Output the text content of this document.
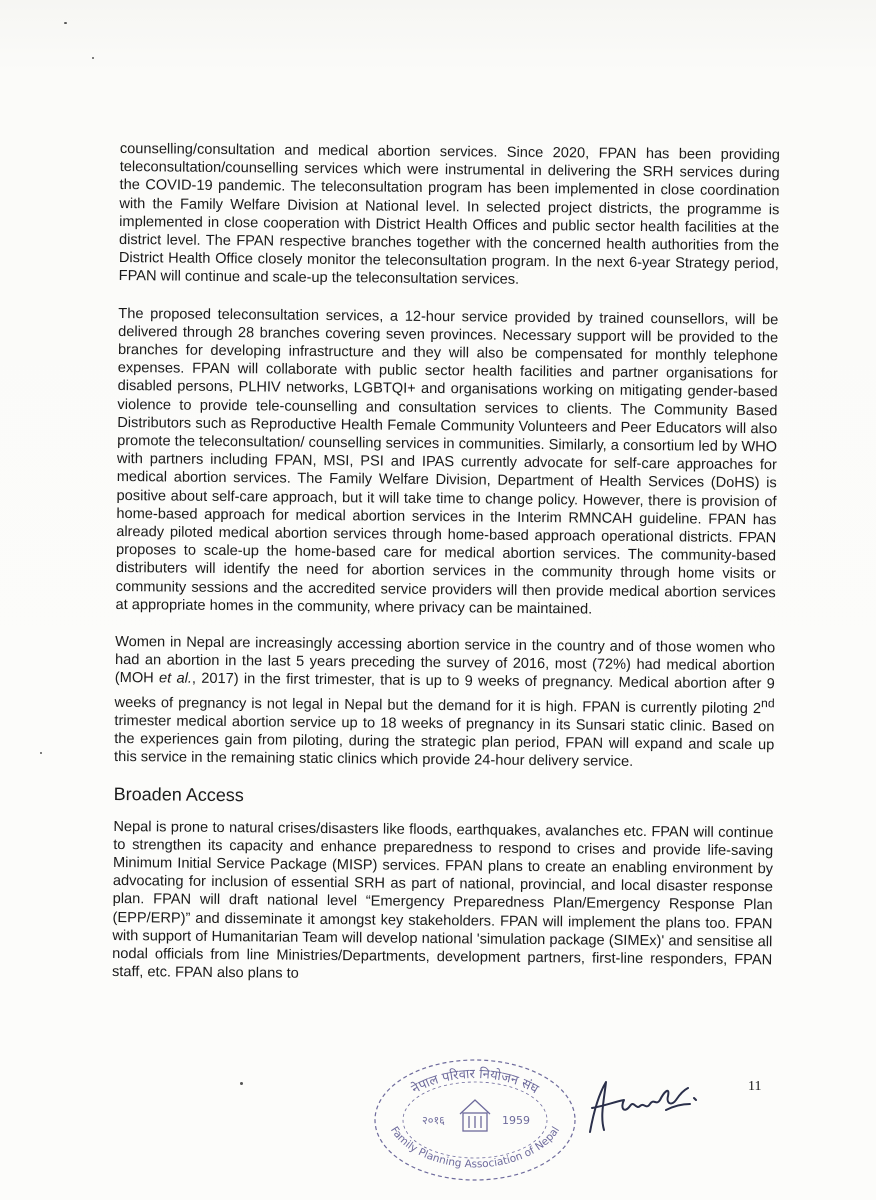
counselling/consultation and medical abortion services. Since 2020, FPAN has been providing teleconsultation/counselling services which were instrumental in delivering the SRH services during the COVID-19 pandemic. The teleconsultation program has been implemented in close coordination with the Family Welfare Division at National level. In selected project districts, the programme is implemented in close cooperation with District Health Offices and public sector health facilities at the district level. The FPAN respective branches together with the concerned health authorities from the District Health Office closely monitor the teleconsultation program. In the next 6-year Strategy period, FPAN will continue and scale-up the teleconsultation services.

The proposed teleconsultation services, a 12-hour service provided by trained counsellors, will be delivered through 28 branches covering seven provinces. Necessary support will be provided to the branches for developing infrastructure and they will also be compensated for monthly telephone expenses. FPAN will collaborate with public sector health facilities and partner organisations for disabled persons, PLHIV networks, LGBTQI+ and organisations working on mitigating gender-based violence to provide tele-counselling and consultation services to clients. The Community Based Distributors such as Reproductive Health Female Community Volunteers and Peer Educators will also promote the teleconsultation/ counselling services in communities. Similarly, a consortium led by WHO with partners including FPAN, MSI, PSI and IPAS currently advocate for self-care approaches for medical abortion services. The Family Welfare Division, Department of Health Services (DoHS) is positive about self-care approach, but it will take time to change policy. However, there is provision of home-based approach for medical abortion services in the Interim RMNCAH guideline. FPAN has already piloted medical abortion services through home-based approach operational districts. FPAN proposes to scale-up the home-based care for medical abortion services. The community-based distributers will identify the need for abortion services in the community through home visits or community sessions and the accredited service providers will then provide medical abortion services at appropriate homes in the community, where privacy can be maintained.

Women in Nepal are increasingly accessing abortion service in the country and of those women who had an abortion in the last 5 years preceding the survey of 2016, most (72%) had medical abortion (MOH et al., 2017) in the first trimester, that is up to 9 weeks of pregnancy. Medical abortion after 9 weeks of pregnancy is not legal in Nepal but the demand for it is high. FPAN is currently piloting 2nd trimester medical abortion service up to 18 weeks of pregnancy in its Sunsari static clinic. Based on the experiences gain from piloting, during the strategic plan period, FPAN will expand and scale up this service in the remaining static clinics which provide 24-hour delivery service.

Broaden Access

Nepal is prone to natural crises/disasters like floods, earthquakes, avalanches etc. FPAN will continue to strengthen its capacity and enhance preparedness to respond to crises and provide life-saving Minimum Initial Service Package (MISP) services. FPAN plans to create an enabling environment by advocating for inclusion of essential SRH as part of national, provincial, and local disaster response plan. FPAN will draft national level “Emergency Preparedness Plan/Emergency Response Plan (EPP/ERP)” and disseminate it amongst key stakeholders. FPAN will implement the plans too. FPAN with support of Humanitarian Team will develop national 'simulation package (SIMEx)' and sensitise all nodal officials from line Ministries/Departments, development partners, first-line responders, FPAN staff, etc. FPAN also plans to

नेपाल परिवार नियोजन संघ
Family Planning Association of Nepal
२०१६	1959
11
